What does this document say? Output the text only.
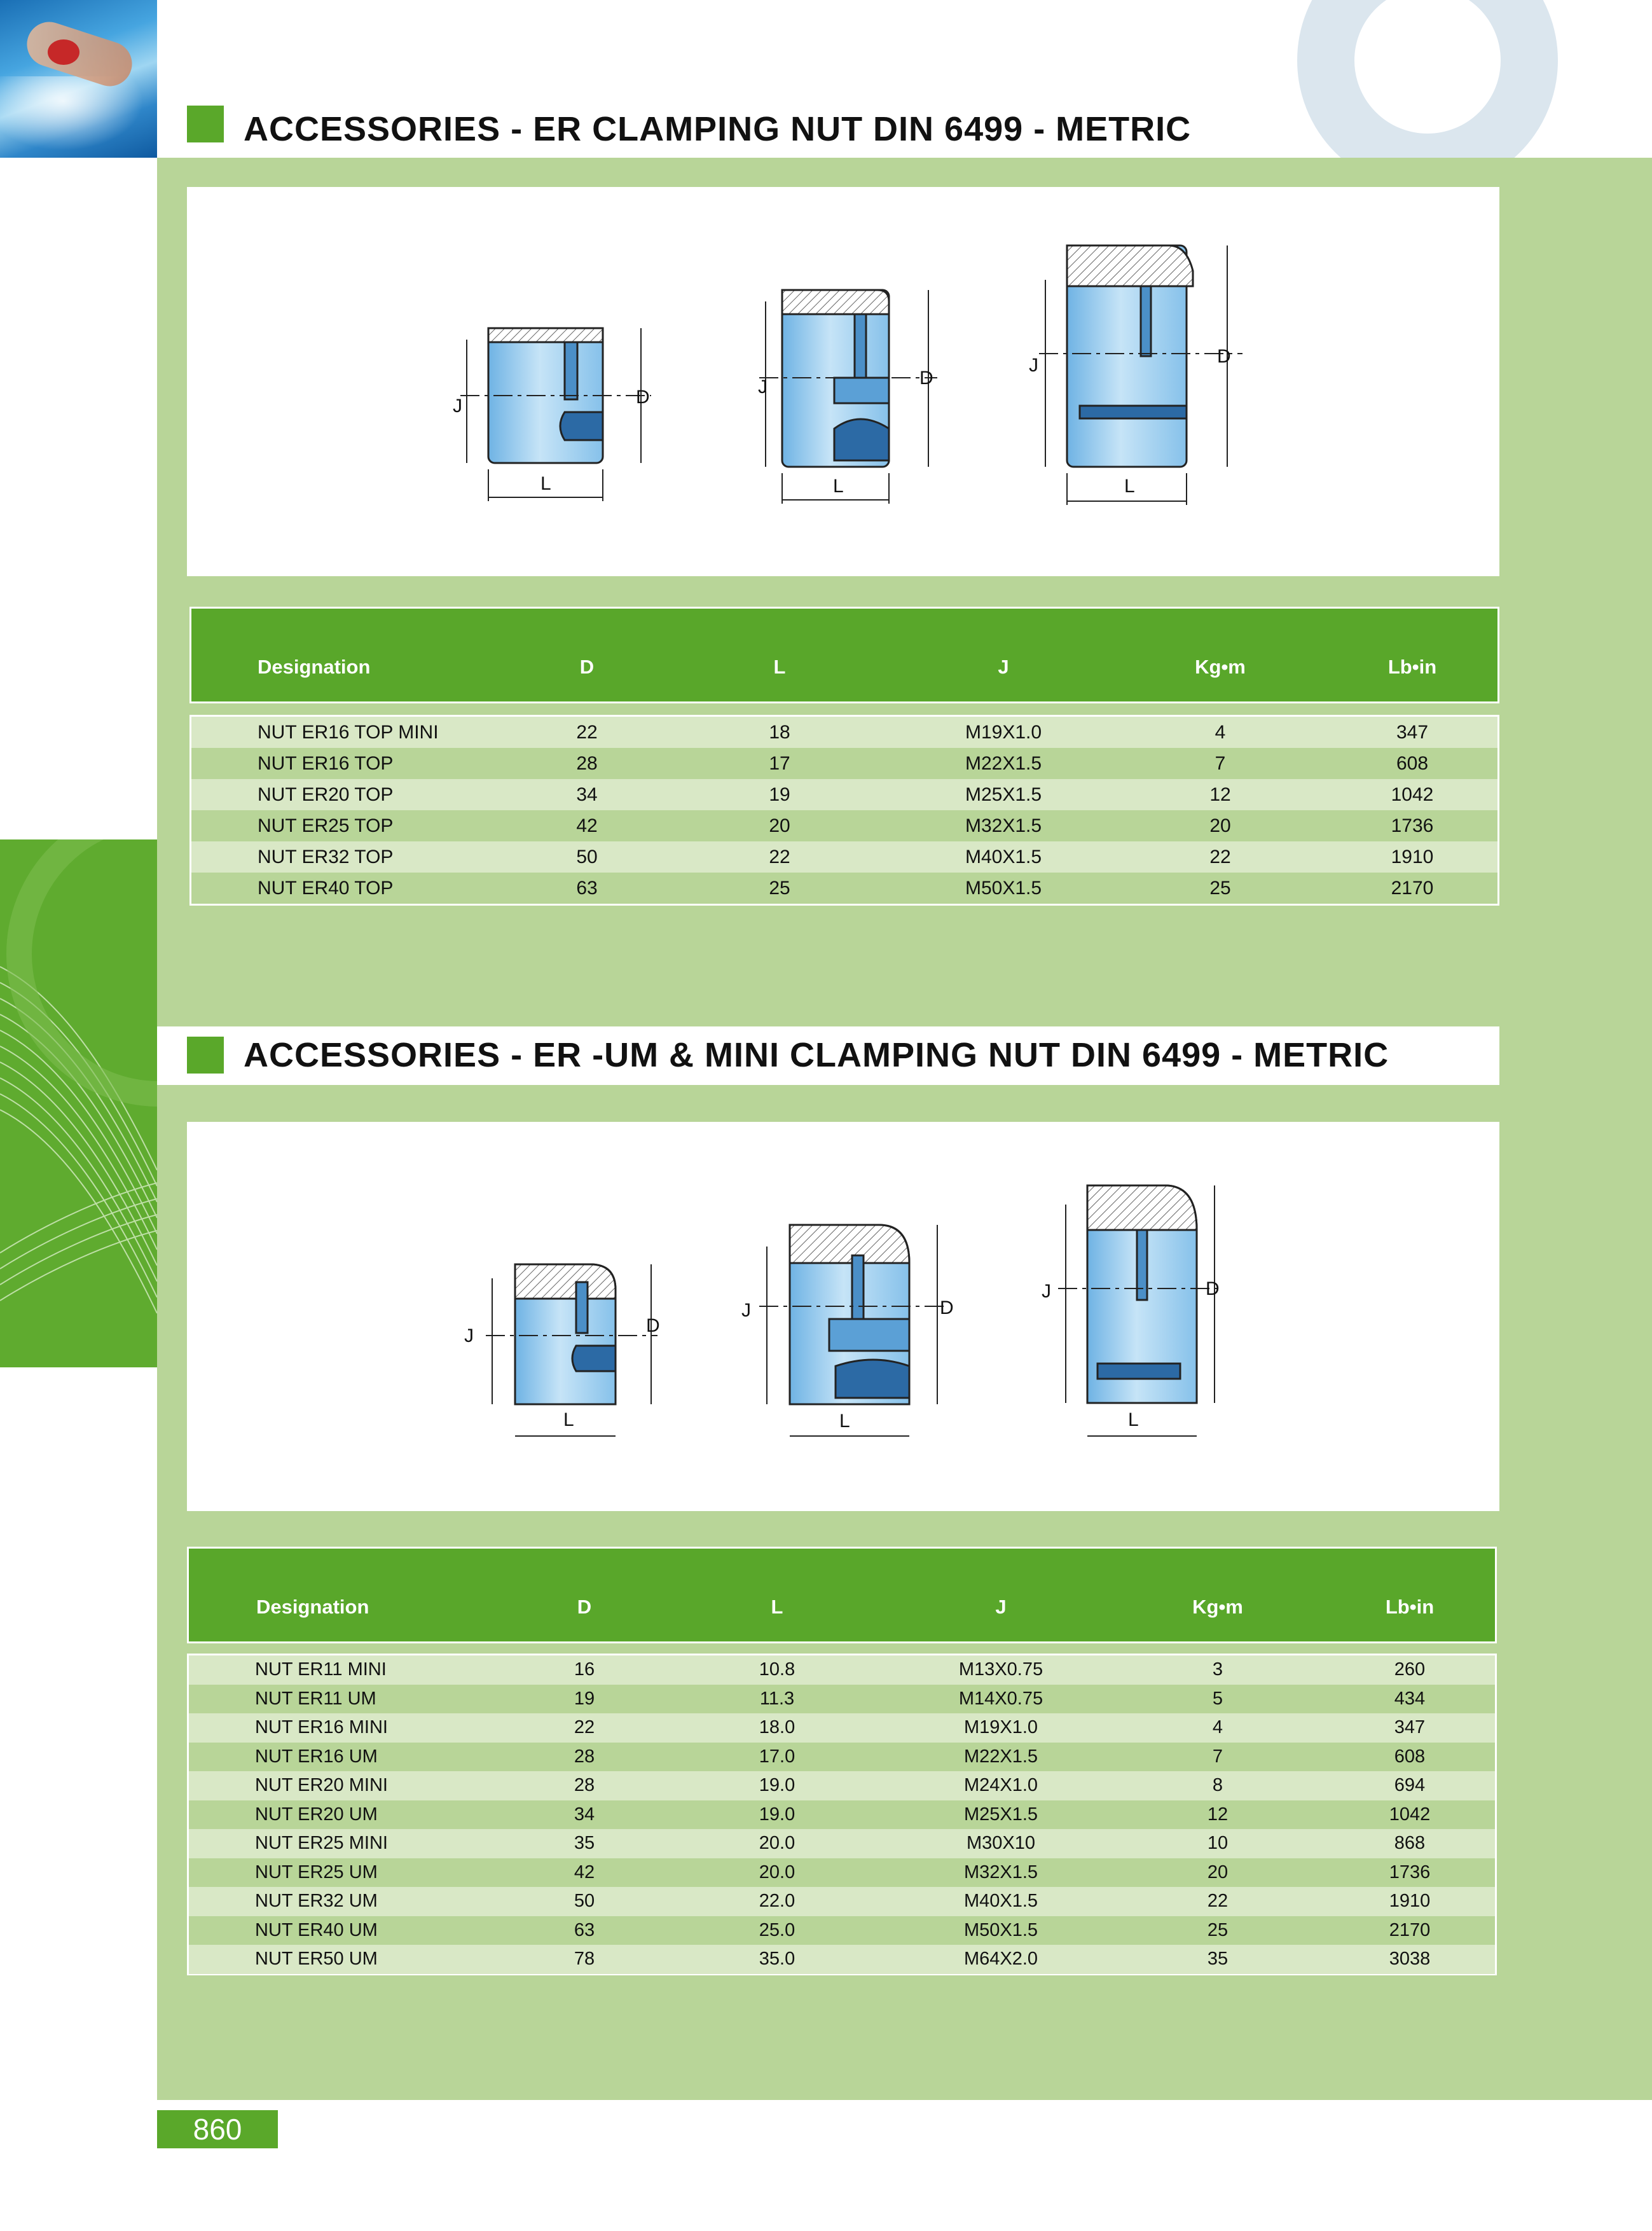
ACCESSORIES - ER CLAMPING NUT DIN 6499 - METRIC
J	D
L
J	D
L
J	D
L
Designation	D	L	J	Kg•m	Lb•in
NUT ER16 TOP MINI	22	18	M19X1.0	4	347
NUT ER16 TOP	28	17	M22X1.5	7	608
NUT ER20 TOP	34	19	M25X1.5	12	1042
NUT ER25 TOP	42	20	M32X1.5	20	1736
NUT ER32 TOP	50	22	M40X1.5	22	1910
NUT ER40 TOP	63	25	M50X1.5	25	2170
ACCESSORIES - ER -UM & MINI CLAMPING NUT DIN 6499 - METRIC
J	D
L
J	D
L
J	D
L
Designation	D	L	J	Kg•m	Lb•in
NUT ER11 MINI	16	10.8	M13X0.75	3	260
NUT ER11 UM	19	11.3	M14X0.75	5	434
NUT ER16 MINI	22	18.0	M19X1.0	4	347
NUT ER16 UM	28	17.0	M22X1.5	7	608
NUT ER20 MINI	28	19.0	M24X1.0	8	694
NUT ER20 UM	34	19.0	M25X1.5	12	1042
NUT ER25 MINI	35	20.0	M30X10	10	868
NUT ER25 UM	42	20.0	M32X1.5	20	1736
NUT ER32 UM	50	22.0	M40X1.5	22	1910
NUT ER40 UM	63	25.0	M50X1.5	25	2170
NUT ER50 UM	78	35.0	M64X2.0	35	3038
860
